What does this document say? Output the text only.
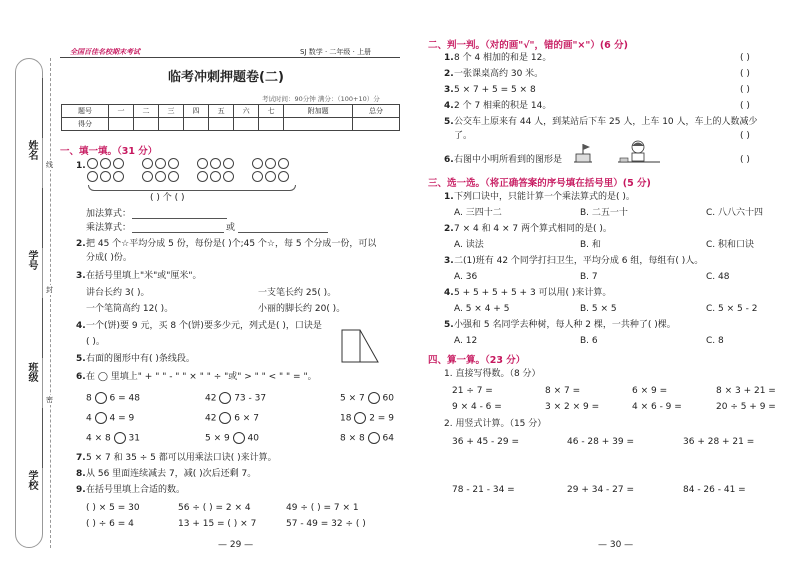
姓名
学号
班级
学校
线
封
密
全国百佳名校期末考试	SJ 数学 · 二年级 · 上册
临考冲刺押题卷(二)
考试时间：90分钟 满分：（100+10）分
题号	一	二	三	四	五	六	七	附加题	总分
得分									
一、填一填。（31 分）
1.
( ) 个 ( )
加法算式：
乘法算式：	或
2. 把 45 个☆平均分成 5 份，每份是( )个;45 个☆，每 5 个分成一份，可以
分成( )份。
3. 在括号里填上"米"或"厘米"。
讲台长约 3( )。	一支笔长约 25( )。
一个笔筒高约 12( )。	小丽的脚长约 20( )。
4. 一个(饼)要 9 元，买 8 个(饼)要多少元，列式是( )，口诀是
( )。
5. 右面的图形中有( )条线段。
6. 在 ◯ 里填上" + " " - " " × " " ÷ "或" > " " < " " = "。
8 6 = 48	42 73 - 37	5 × 7 60
4 4 = 9	42 6 × 7	18 2 = 9
4 × 8 31	5 × 9 40	8 × 8 64
7. 5 × 7 和 35 ÷ 5 都可以用乘法口诀( )来计算。
8. 从 56 里面连续减去 7，减( )次后还剩 7。
9. 在括号里填上合适的数。
( ) × 5 = 30	56 ÷ ( ) = 2 × 4	49 ÷ ( ) = 7 × 1
( ) ÷ 6 = 4	13 + 15 = ( ) × 7	57 - 49 = 32 ÷ ( )
— 29 —
二、判一判。（对的画"√"，错的画"×"）(6 分)
1. 8 个 4 相加的和是 12。	( )
2. 一张课桌高约 30 米。	( )
3. 5 × 7 + 5 = 5 × 8	( )
4. 2 个 7 相乘的积是 14。	( )
5. 公交车上原来有 44 人，到某站后下车 25 人，上车 10 人，车上的人数减少
了。	( )
6. 右图中小明所看到的图形是	( )
三、选一选。（将正确答案的序号填在括号里）(5 分)
1. 下列口诀中，只能计算一个乘法算式的是( )。
A. 三四十二	B. 二五一十	C. 八八六十四
2. 7 × 4 和 4 × 7 两个算式相同的是( )。
A. 读法	B. 和	C. 积和口诀
3. 二(1)班有 42 个同学打扫卫生，平均分成 6 组，每组有( )人。
A. 36	B. 7	C. 48
4. 5 + 5 + 5 + 5 + 3 可以用( )来计算。
A. 5 × 4 + 5	B. 5 × 5	C. 5 × 5 - 2
5. 小强和 5 名同学去种树，每人种 2 棵，一共种了( )棵。
A. 12	B. 6	C. 8
四、算一算。（23 分）
1. 直接写得数。（8 分）
21 ÷ 7 =	8 × 7 =	6 × 9 =	8 × 3 + 21 =
9 × 4 - 6 =	3 × 2 × 9 =	4 × 6 - 9 =	20 ÷ 5 + 9 =
2. 用竖式计算。（15 分）
36 + 45 - 29 =	46 - 28 + 39 =	36 + 28 + 21 =
78 - 21 - 34 =	29 + 34 - 27 =	84 - 26 - 41 =
— 30 —
